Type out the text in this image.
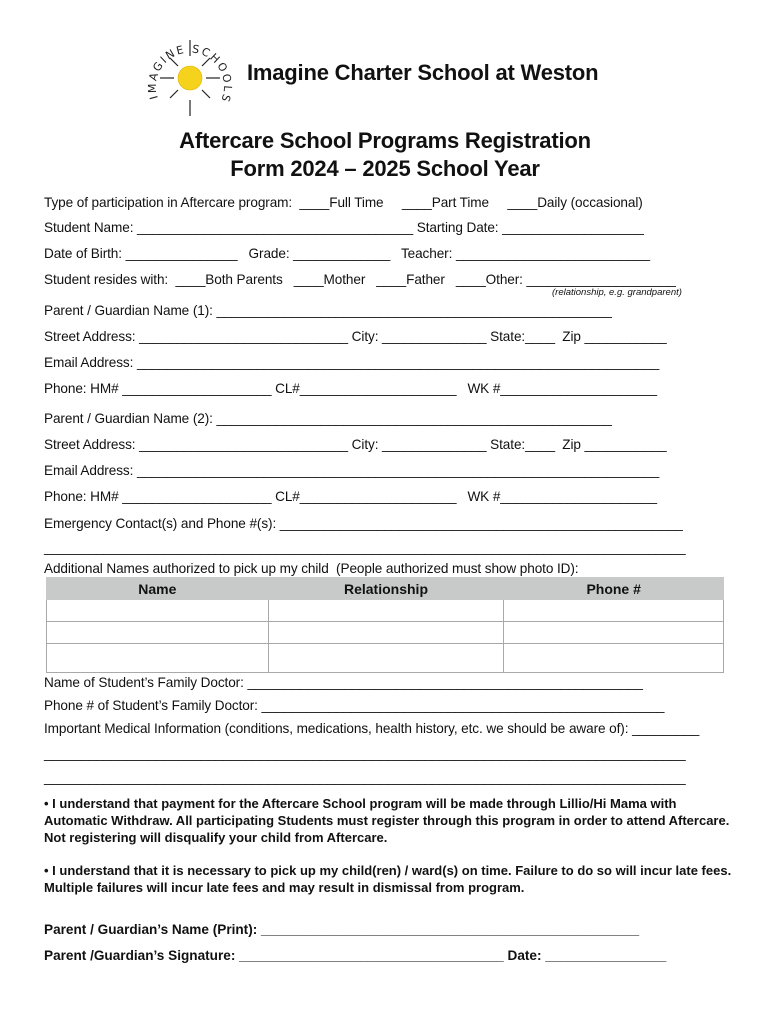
IMAGINE SCHOOLS
Imagine Charter School at Weston
Aftercare School Programs Registration
Form 2024 – 2025 School Year
Type of participation in Aftercare program:  ____Full Time     ____Part Time     ____Daily (occasional)
Student Name: _____________________________________ Starting Date: ___________________
Date of Birth: _______________   Grade: _____________   Teacher: __________________________
Student resides with:  ____Both Parents   ____Mother   ____Father   ____Other: ____________________
(relationship, e.g. grandparent)
Parent / Guardian Name (1): _____________________________________________________
Street Address: ____________________________ City: ______________ State:____  Zip ___________
Email Address: ______________________________________________________________________
Phone: HM# ____________________ CL#_____________________   WK #_____________________
Parent / Guardian Name (2): _____________________________________________________
Street Address: ____________________________ City: ______________ State:____  Zip ___________
Email Address: ______________________________________________________________________
Phone: HM# ____________________ CL#_____________________   WK #_____________________
Emergency Contact(s) and Phone #(s): ______________________________________________________
______________________________________________________________________________________
Additional Names authorized to pick up my child  (People authorized must show photo ID):
Name	Relationship	Phone #

Name of Student’s Family Doctor: _____________________________________________________
Phone # of Student’s Family Doctor: ______________________________________________________
Important Medical Information (conditions, medications, health history, etc. we should be aware of): _________
______________________________________________________________________________________
______________________________________________________________________________________
• I understand that payment for the Aftercare School program will be made through Lillio/Hi Mama with Automatic Withdraw. All participating Students must register through this program in order to attend Aftercare. Not registering will disqualify your child from Aftercare.
• I understand that it is necessary to pick up my child(ren) / ward(s) on time. Failure to do so will incur late fees. Multiple failures will incur late fees and may result in dismissal from program.
Parent / Guardian’s Name (Print): __________________________________________________
Parent /Guardian’s Signature: ___________________________________ Date: ________________
